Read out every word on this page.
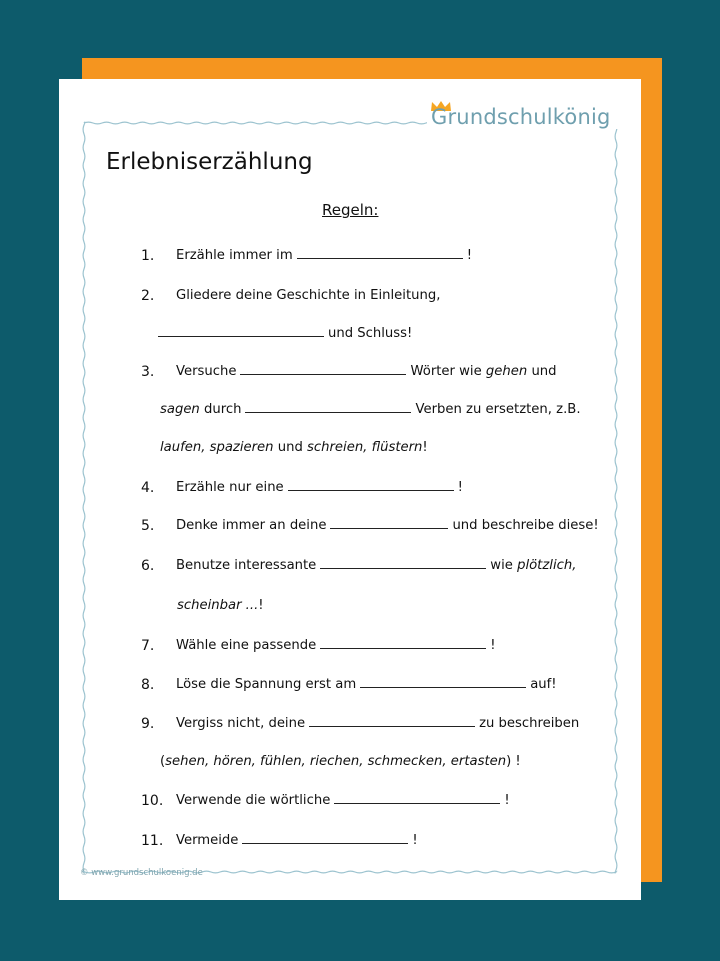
Grundschulkönig
Erlebniserzählung
Regeln:
1. Erzähle immer im	!
2. Gliedere deine Geschichte in Einleitung,
und Schluss!
3. Versuche	Wörter wie gehen und
sagen durch	Verben zu ersetzten, z.B.
laufen, spazieren und schreien, flüstern!
4. Erzähle nur eine	!
5. Denke immer an deine	und beschreibe diese!
6. Benutze interessante	wie plötzlich,
scheinbar ...!
7. Wähle eine passende	!
8. Löse die Spannung erst am	auf!
9. Vergiss nicht, deine	zu beschreiben
(sehen, hören, fühlen, riechen, schmecken, ertasten) !
10. Verwende die wörtliche	!
11. Vermeide	!
© www.grundschulkoenig.de
